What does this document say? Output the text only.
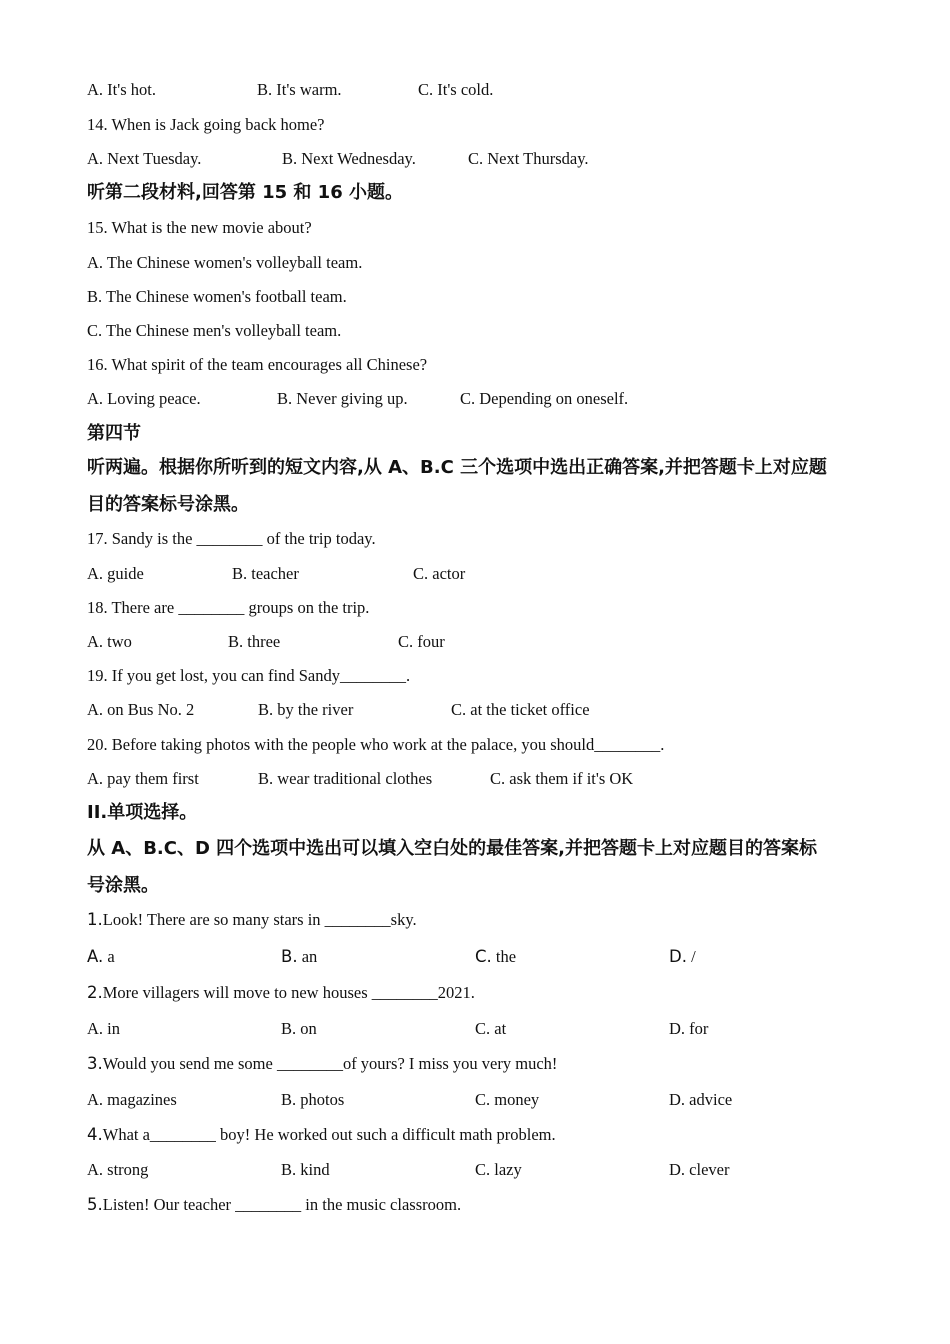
A. It's hot.	B. It's warm.	C. It's cold.
14. When is Jack going back home?
A. Next Tuesday.	B. Next Wednesday.	C. Next Thursday.
听第二段材料,回答第 15 和 16 小题。
15. What is the new movie about?
A. The Chinese women's volleyball team.
B. The Chinese women's football team.
C. The Chinese men's volleyball team.
16. What spirit of the team encourages all Chinese?
A. Loving peace.	B. Never giving up.	C. Depending on oneself.
第四节
听两遍。根据你所听到的短文内容,从 A、B.C 三个选项中选出正确答案,并把答题卡上对应题
目的答案标号涂黑。
17. Sandy is the ________ of the trip today.
A. guide	B. teacher	C. actor
18. There are ________ groups on the trip.
A. two	B. three	C. four
19. If you get lost, you can find Sandy________.
A. on Bus No. 2	B. by the river	C. at the ticket office
20. Before taking photos with the people who work at the palace, you should________.
A. pay them first	B. wear traditional clothes	C. ask them if it's OK
II.单项选择。
从 A、B.C、D 四个选项中选出可以填入空白处的最佳答案,并把答题卡上对应题目的答案标
号涂黑。
1.Look! There are so many stars in ________sky.
A. a	B. an	C. the	D. /
2.More villagers will move to new houses ________2021.
A. in	B. on	C. at	D. for
3.Would you send me some ________of yours? I miss you very much!
A. magazines	B. photos	C. money	D. advice
4.What a________ boy! He worked out such a difficult math problem.
A. strong	B. kind	C. lazy	D. clever
5.Listen! Our teacher ________ in the music classroom.
